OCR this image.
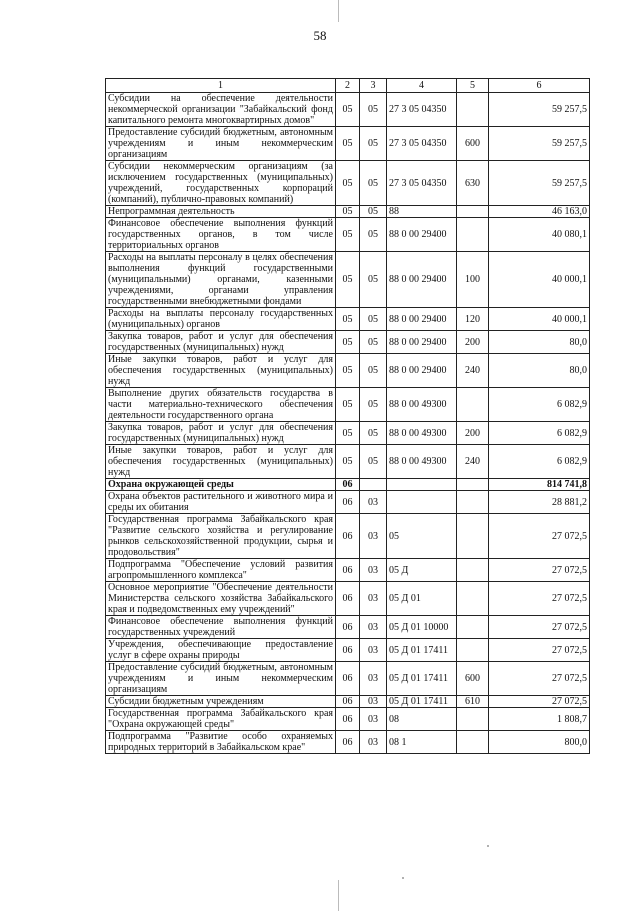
58
1	2	3	4	5	6
Субсидии на обеспечение деятельности некоммерческой организации "Забайкальский фонд капитального ремонта многоквартирных домов"	05	05	27 3 05 04350		59 257,5
Предоставление субсидий бюджетным, автономным учреждениям и иным некоммерческим организациям	05	05	27 3 05 04350	600	59 257,5
Субсидии некоммерческим организациям (за исключением государственных (муниципальных) учреждений, государственных корпораций (компаний), публично-правовых компаний)	05	05	27 3 05 04350	630	59 257,5
Непрограммная деятельность	05	05	88		46 163,0
Финансовое обеспечение выполнения функций государственных органов, в том числе территориальных органов	05	05	88 0 00 29400		40 080,1
Расходы на выплаты персоналу в целях обеспечения выполнения функций государственными (муниципальными) органами, казенными учреждениями, органами управления государственными внебюджетными фондами	05	05	88 0 00 29400	100	40 000,1
Расходы на выплаты персоналу государственных (муниципальных) органов	05	05	88 0 00 29400	120	40 000,1
Закупка товаров, работ и услуг для обеспечения государственных (муниципальных) нужд	05	05	88 0 00 29400	200	80,0
Иные закупки товаров, работ и услуг для обеспечения государственных (муниципальных) нужд	05	05	88 0 00 29400	240	80,0
Выполнение других обязательств государства в части материально-технического обеспечения деятельности государственного органа	05	05	88 0 00 49300		6 082,9
Закупка товаров, работ и услуг для обеспечения государственных (муниципальных) нужд	05	05	88 0 00 49300	200	6 082,9
Иные закупки товаров, работ и услуг для обеспечения государственных (муниципальных) нужд	05	05	88 0 00 49300	240	6 082,9
Охрана окружающей среды	06				814 741,8
Охрана объектов растительного и животного мира и среды их обитания	06	03			28 881,2
Государственная программа Забайкальского края "Развитие сельского хозяйства и регулирование рынков сельскохозяйственной продукции, сырья и продовольствия"	06	03	05		27 072,5
Подпрограмма "Обеспечение условий развития агропромышленного комплекса"	06	03	05 Д		27 072,5
Основное мероприятие "Обеспечение деятельности Министерства сельского хозяйства Забайкальского края и подведомственных ему учреждений"	06	03	05 Д 01		27 072,5
Финансовое обеспечение выполнения функций государственных учреждений	06	03	05 Д 01 10000		27 072,5
Учреждения, обеспечивающие предоставление услуг в сфере охраны природы	06	03	05 Д 01 17411		27 072,5
Предоставление субсидий бюджетным, автономным учреждениям и иным некоммерческим организациям	06	03	05 Д 01 17411	600	27 072,5
Субсидии бюджетным учреждениям	06	03	05 Д 01 17411	610	27 072,5
Государственная программа Забайкальского края "Охрана окружающей среды"	06	03	08		1 808,7
Подпрограмма "Развитие особо охраняемых природных территорий в Забайкальском крае"	06	03	08 1		800,0
